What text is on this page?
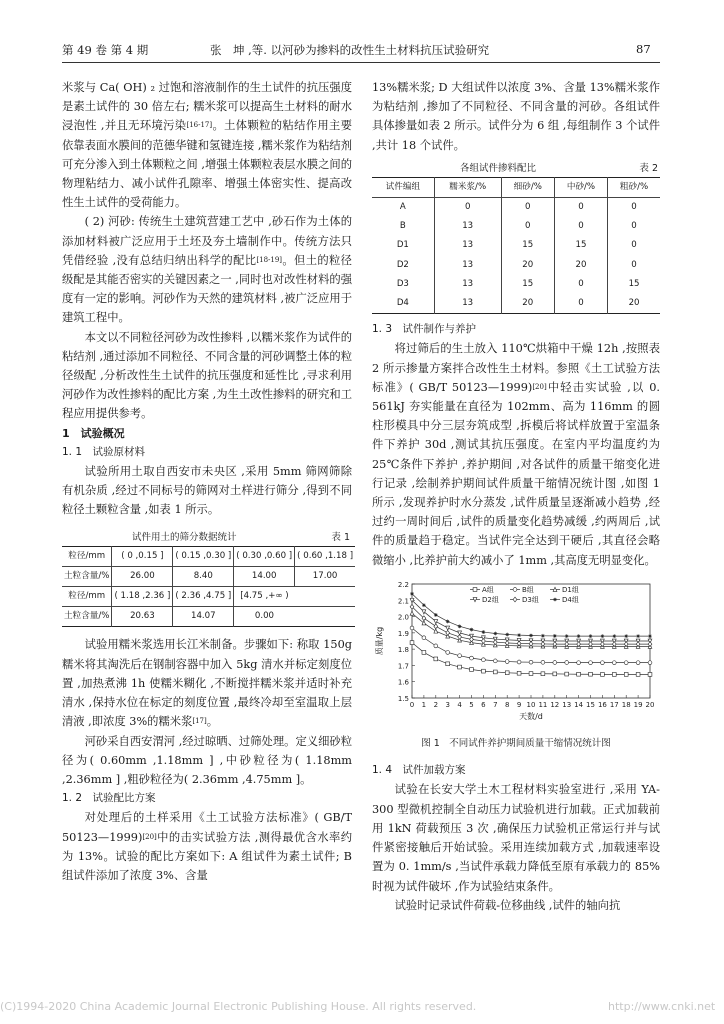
第 49 卷 第 4 期	张　坤 ,等. 以河砂为掺料的改性生土材料抗压试验研究	87

米浆与 Ca( OH) ₂ 过饱和溶液制作的生土试件的抗压强度是素土试件的 30 倍左右; 糯米浆可以提高生土材料的耐水浸泡性 ,并且无环境污染[16-17]。土体颗粒的粘结作用主要依靠表面水膜间的范德华键和氢键连接 ,糯米浆作为粘结剂可充分渗入到土体颗粒之间 ,增强土体颗粒表层水膜之间的物理粘结力、减小试件孔隙率、增强土体密实性、提高改性生土试件的受荷能力。

( 2) 河砂: 传统生土建筑营建工艺中 ,砂石作为土体的添加材料被广泛应用于土坯及夯土墙制作中。传统方法只凭借经验 ,没有总结归纳出科学的配比[18-19]。但土的粒径级配是其能否密实的关键因素之一 ,同时也对改性材料的强度有一定的影响。河砂作为天然的建筑材料 ,被广泛应用于建筑工程中。

本文以不同粒径河砂为改性掺料 ,以糯米浆作为试件的粘结剂 ,通过添加不同粒径、不同含量的河砂调整土体的粒径级配 ,分析改性生土试件的抗压强度和延性比 ,寻求利用河砂作为改性掺料的配比方案 ,为生土改性掺料的研究和工程应用提供参考。

1　试验概况

1. 1　试验原材料

试验所用土取自西安市未央区 ,采用 5mm 筛网筛除有机杂质 ,经过不同标号的筛网对土样进行筛分 ,得到不同粒径土颗粒含量 ,如表 1 所示。

试件用土的筛分数据统计	表 1
粒径/mm	( 0 ,0.15 ]	( 0.15 ,0.30 ]	( 0.30 ,0.60 ]	( 0.60 ,1.18 ]
土粒含量/%	26.00	8.40	14.00	17.00
粒径/mm	( 1.18 ,2.36 ]	( 2.36 ,4.75 ]	[4.75 ,+∞ )	
土粒含量/%	20.63	14.07	0.00	

试验用糯米浆选用长江米制备。步骤如下: 称取 150g 糯米将其淘洗后在钢制容器中加入 5kg 清水并标定刻度位置 ,加热煮沸 1h 使糯米糊化 ,不断搅拌糯米浆并适时补充清水 ,保持水位在标定的刻度位置 ,最终冷却至室温取上层清液 ,即浓度 3%的糯米浆[17]。

河砂采自西安渭河 ,经过晾晒、过筛处理。定义细砂粒径为( 0.60mm ,1.18mm ] ,中砂粒径为( 1.18mm ,2.36mm ] ,粗砂粒径为( 2.36mm ,4.75mm ]。

1. 2　试验配比方案

对处理后的土样采用《土工试验方法标准》( GB/T 50123—1999)[20]中的击实试验方法 ,测得最优含水率约为 13%。试验的配比方案如下: A 组试件为素土试件; B 组试件添加了浓度 3%、含量

13%糯米浆; D 大组试件以浓度 3%、含量 13%糯米浆作为粘结剂 ,掺加了不同粒径、不同含量的河砂。各组试件具体掺量如表 2 所示。试件分为 6 组 ,每组制作 3 个试件 ,共计 18 个试件。

各组试件掺料配比	表 2
试件编组	糯米浆/%	细砂/%	中砂/%	粗砂/%
A	0	0	0	0
B	13	0	0	0
D1	13	15	15	0
D2	13	20	20	0
D3	13	15	0	15
D4	13	20	0	20

1. 3　试件制作与养护

将过筛后的生土放入 110℃烘箱中干燥 12h ,按照表 2 所示掺量方案拌合改性生土材料。参照《土工试验方法标准》( GB/T 50123—1999)[20]中轻击实试验 ,以 0. 561kJ 夯实能量在直径为 102mm、高为 116mm 的圆柱形模具中分三层夯筑成型 ,拆模后将试样放置于室温条件下养护 30d ,测试其抗压强度。在室内平均温度约为 25℃条件下养护 ,养护期间 ,对各试件的质量干缩变化进行记录 ,绘制养护期间试件质量干缩情况统计图 ,如图 1 所示 ,发现养护时水分蒸发 ,试件质量呈逐渐减小趋势 ,经过约一周时间后 ,试件的质量变化趋势减缓 ,约两周后 ,试件的质量趋于稳定。当试件完全达到干硬后 ,其直径会略微缩小 ,比养护前大约减小了 1mm ,其高度无明显变化。

1.5
1.6
1.7
1.8
1.9
2.0
2.1
2.2
0 1 2 3 4 5 6 7 8 9 10 11 12 13 14 15 16 17 18 19 20
天数/d
质量/kg
A组	B组	D1组
D2组	D3组	D4组
图 1　不同试件养护期间质量干缩情况统计图

1. 4　试件加载方案

试验在长安大学土木工程材料实验室进行 ,采用 YA-300 型微机控制全自动压力试验机进行加载。正式加载前用 1kN 荷载预压 3 次 ,确保压力试验机正常运行并与试件紧密接触后开始试验。采用连续加载方式 ,加载速率设置为 0. 1mm/s ,当试件承载力降低至原有承载力的 85%时视为试件破坏 ,作为试验结束条件。

试验时记录试件荷载-位移曲线 ,试件的轴向抗

(C)1994-2020 China Academic Journal Electronic Publishing House. All rights reserved.	http://www.cnki.net
